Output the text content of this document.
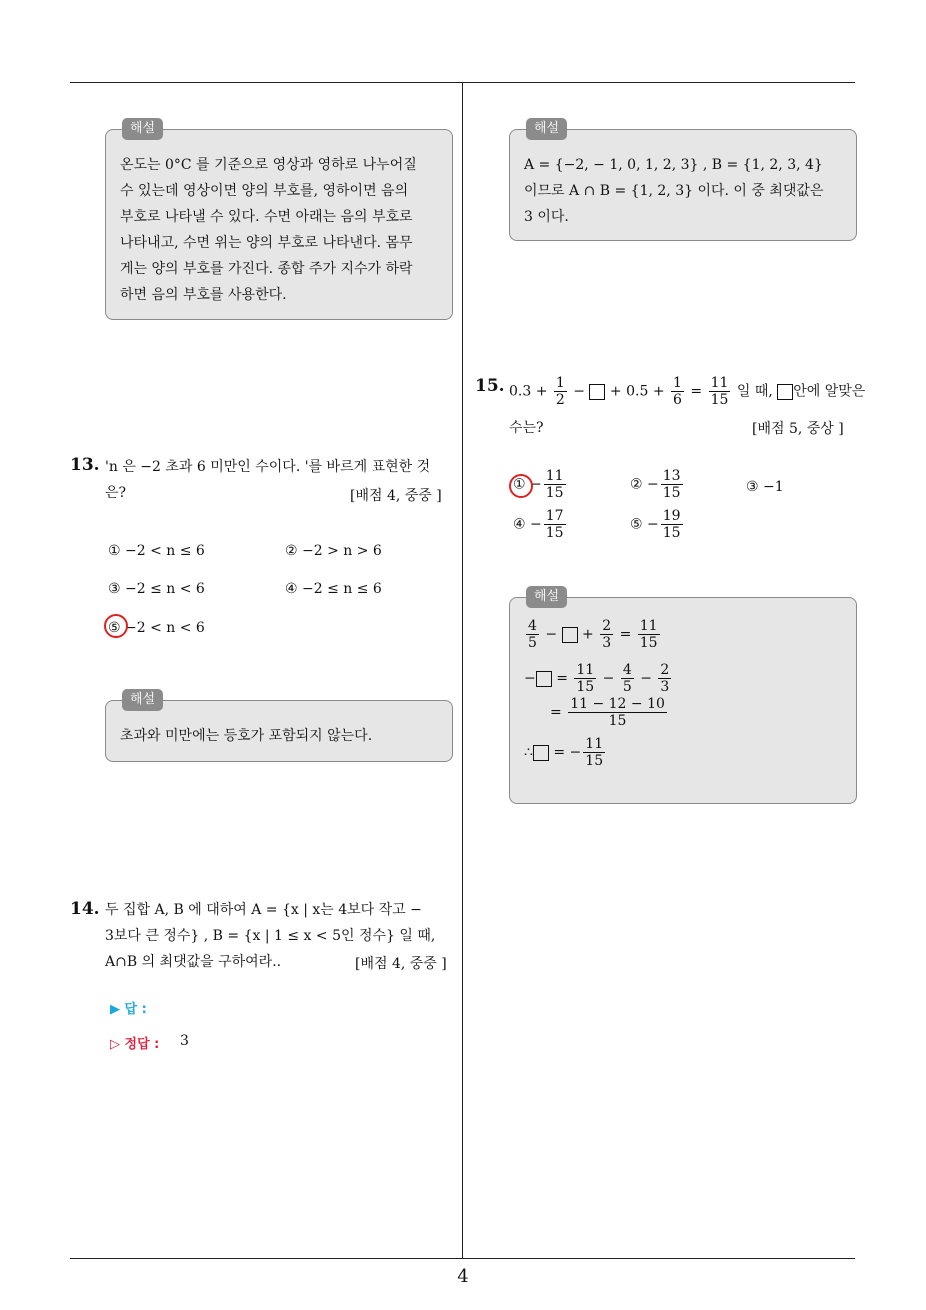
4
해설
온도는 0°C 를 기준으로 영상과 영하로 나누어질
수 있는데 영상이면 양의 부호를, 영하이면 음의
부호로 나타낼 수 있다. 수면 아래는 음의 부호로
나타내고, 수면 위는 양의 부호로 나타낸다. 몸무
게는 양의 부호를 가진다. 종합 주가 지수가 하락
하면 음의 부호를 사용한다.
13. 'n 은 −2 초과 6 미만인 수이다. '를 바르게 표현한 것
은?	[배점 4, 중중 ]
① −2 < n ≤ 6	② −2 > n > 6
③ −2 ≤ n < 6	④ −2 ≤ n ≤ 6
⑤ −2 < n < 6
해설
초과와 미만에는 등호가 포함되지 않는다.
14. 두 집합 A, B 에 대하여 A = {x | x는 4보다 작고 −
3보다 큰 정수} , B = {x | 1 ≤ x < 5인 정수} 일 때,
A∩B 의 최댓값을 구하여라..	[배점 4, 중중 ]
▶ 답 :
▷ 정답 : 3
해설
A = {−2, − 1, 0, 1, 2, 3} , B = {1, 2, 3, 4}
이므로 A ∩ B = {1, 2, 3} 이다. 이 중 최댓값은
3 이다.
15. $0.3 + \frac{1}{2}$ − + $0.5 + \frac{1}{6} = \frac{11}{15}$ 일 때, 안에 알맞은
수는?	[배점 5, 중상 ]
① − $\frac{11}{15}$	② − $\frac{13}{15}$	③ −1
④ − $\frac{17}{15}$	⑤ − $\frac{19}{15}$
해설
$\frac{4}{5}$ − + $\frac{2}{3} = \frac{11}{15}$
− = $\frac{11}{15} - \frac{4}{5} - \frac{2}{3}$
= $\frac{11 - 12 - 10}{15}$
∴ = − $\frac{11}{15}$
